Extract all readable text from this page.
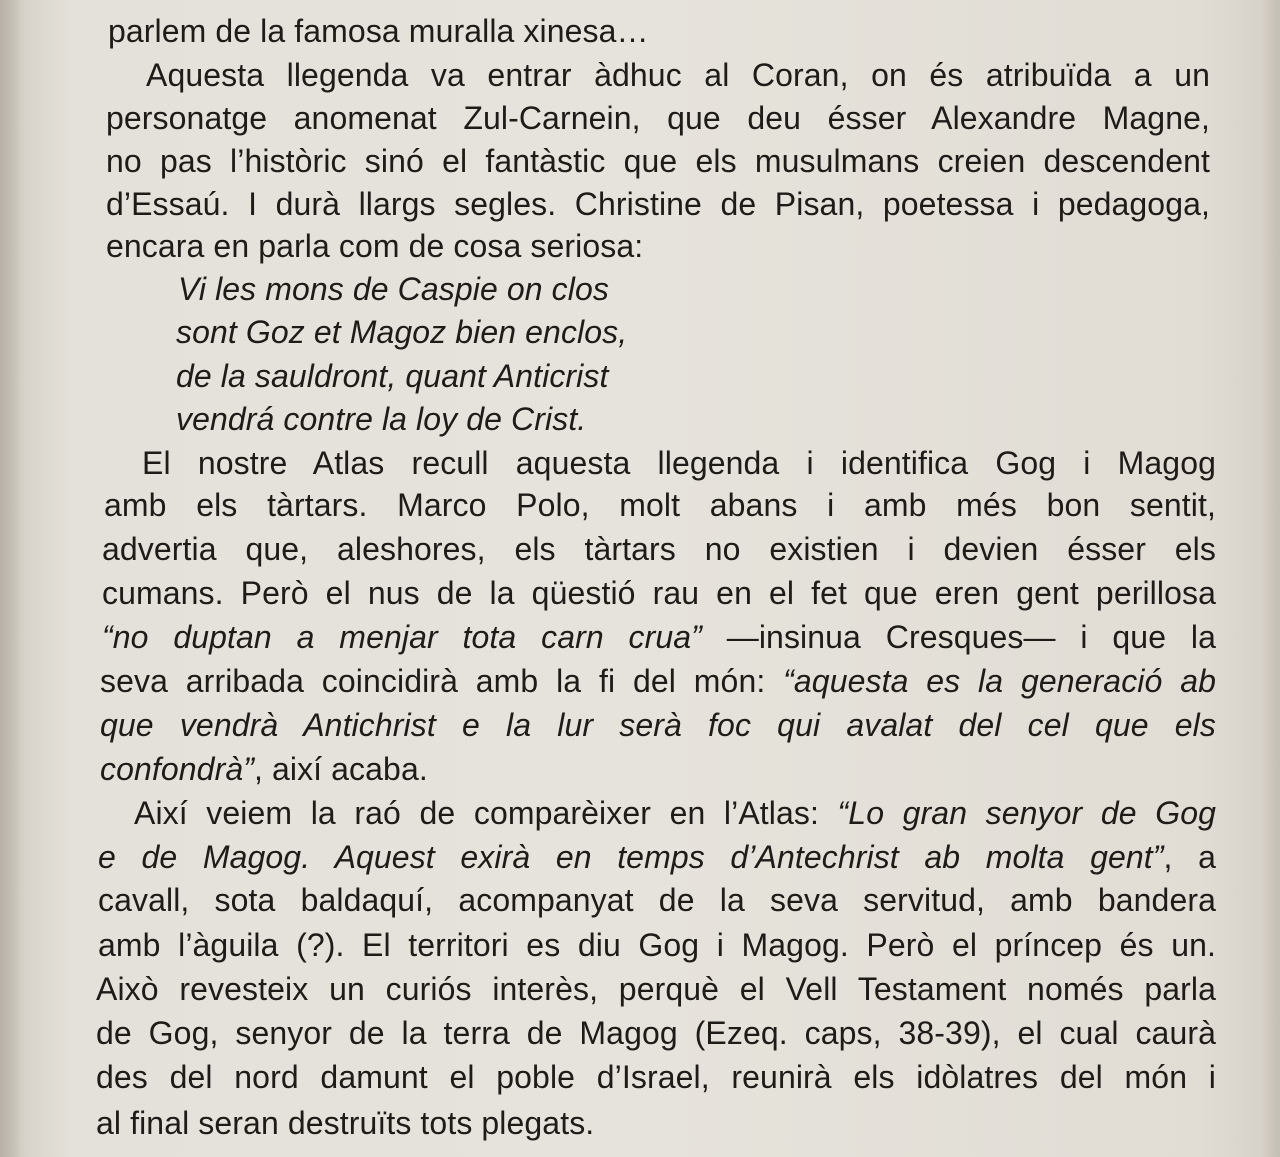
parlem de la famosa muralla xinesa…
Aquesta llegenda va entrar àdhuc al Coran, on és atribuïda a un
personatge anomenat Zul-Carnein, que deu ésser Alexandre Magne,
no pas l’històric sinó el fantàstic que els musulmans creien descendent
d’Essaú. I durà llargs segles. Christine de Pisan, poetessa i pedagoga,
encara en parla com de cosa seriosa:
Vi les mons de Caspie on clos
sont Goz et Magoz bien enclos,
de la sauldront, quant Anticrist
vendrá contre la loy de Crist.
El nostre Atlas recull aquesta llegenda i identifica Gog i Magog
amb els tàrtars. Marco Polo, molt abans i amb més bon sentit,
advertia que, aleshores, els tàrtars no existien i devien ésser els
cumans. Però el nus de la qüestió rau en el fet que eren gent perillosa
“no duptan a menjar tota carn crua” —insinua Cresques— i que la
seva arribada coincidirà amb la fi del món: “aquesta es la generació ab
que vendrà Antichrist e la lur serà foc qui avalat del cel que els
confondrà”, així acaba.
Així veiem la raó de comparèixer en l’Atlas: “Lo gran senyor de Gog
e de Magog. Aquest exirà en temps d’Antechrist ab molta gent”, a
cavall, sota baldaquí, acompanyat de la seva servitud, amb bandera
amb l’àguila (?). El territori es diu Gog i Magog. Però el príncep és un.
Això revesteix un curiós interès, perquè el Vell Testament només parla
de Gog, senyor de la terra de Magog (Ezeq. caps, 38-39), el cual caurà
des del nord damunt el poble d’Israel, reunirà els idòlatres del món i
al final seran destruïts tots plegats.
